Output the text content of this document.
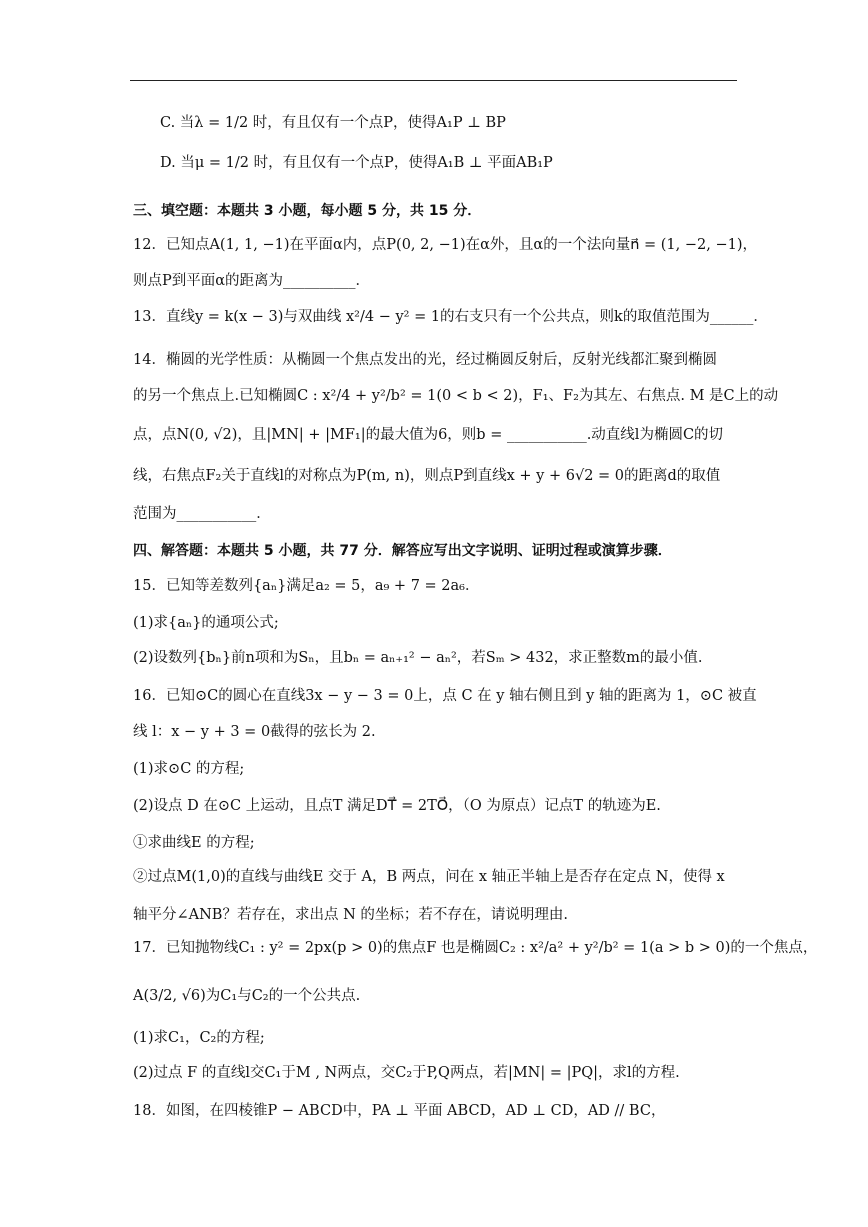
C. 当λ = 1/2 时，有且仅有一个点P，使得A₁P ⊥ BP
D. 当μ = 1/2 时，有且仅有一个点P，使得A₁B ⊥ 平面AB₁P
三、填空题：本题共 3 小题，每小题 5 分，共 15 分．
12．已知点A(1, 1, −1)在平面α内，点P(0, 2, −1)在α外，且α的一个法向量n⃗ = (1, −2, −1)，
则点P到平面α的距离为__________．
13．直线y = k(x − 3)与双曲线 x²/4 − y² = 1的右支只有一个公共点，则k的取值范围为______．
14．椭圆的光学性质：从椭圆一个焦点发出的光，经过椭圆反射后，反射光线都汇聚到椭圆
的另一个焦点上.已知椭圆C : x²/4 + y²/b² = 1(0 < b < 2)，F₁、F₂为其左、右焦点. M 是C上的动
点，点N(0, √2)，且|MN| + |MF₁|的最大值为6，则b = ___________.动直线l为椭圆C的切
线，右焦点F₂关于直线l的对称点为P(m, n)，则点P到直线x + y + 6√2 = 0的距离d的取值
范围为___________．
四、解答题：本题共 5 小题，共 77 分．解答应写出文字说明、证明过程或演算步骤．
15．已知等差数列{aₙ}满足a₂ = 5，a₉ + 7 = 2a₆．
(1)求{aₙ}的通项公式;
(2)设数列{bₙ}前n项和为Sₙ，且bₙ = aₙ₊₁² − aₙ²，若Sₘ > 432，求正整数m的最小值.
16．已知⊙C的圆心在直线3x − y − 3 = 0上，点 C 在 y 轴右侧且到 y 轴的距离为 1，⊙C 被直
线 l：x − y + 3 = 0截得的弦长为 2.
(1)求⊙C 的方程;
(2)设点 D 在⊙C 上运动，且点T 满足DT⃗ = 2TO⃗，（O 为原点）记点T 的轨迹为E.
①求曲线E 的方程;
②过点M(1,0)的直线与曲线E 交于 A，B 两点，问在 x 轴正半轴上是否存在定点 N，使得 x
轴平分∠ANB？若存在，求出点 N 的坐标；若不存在，请说明理由.
17．已知抛物线C₁ : y² = 2px(p > 0)的焦点F 也是椭圆C₂ : x²/a² + y²/b² = 1(a > b > 0)的一个焦点，
A(3/2, √6)为C₁与C₂的一个公共点.
(1)求C₁，C₂的方程;
(2)过点 F 的直线l交C₁于M , N两点，交C₂于P,Q两点，若|MN| = |PQ|，求l的方程.
18．如图，在四棱锥P − ABCD中，PA ⊥ 平面 ABCD，AD ⊥ CD，AD // BC，
